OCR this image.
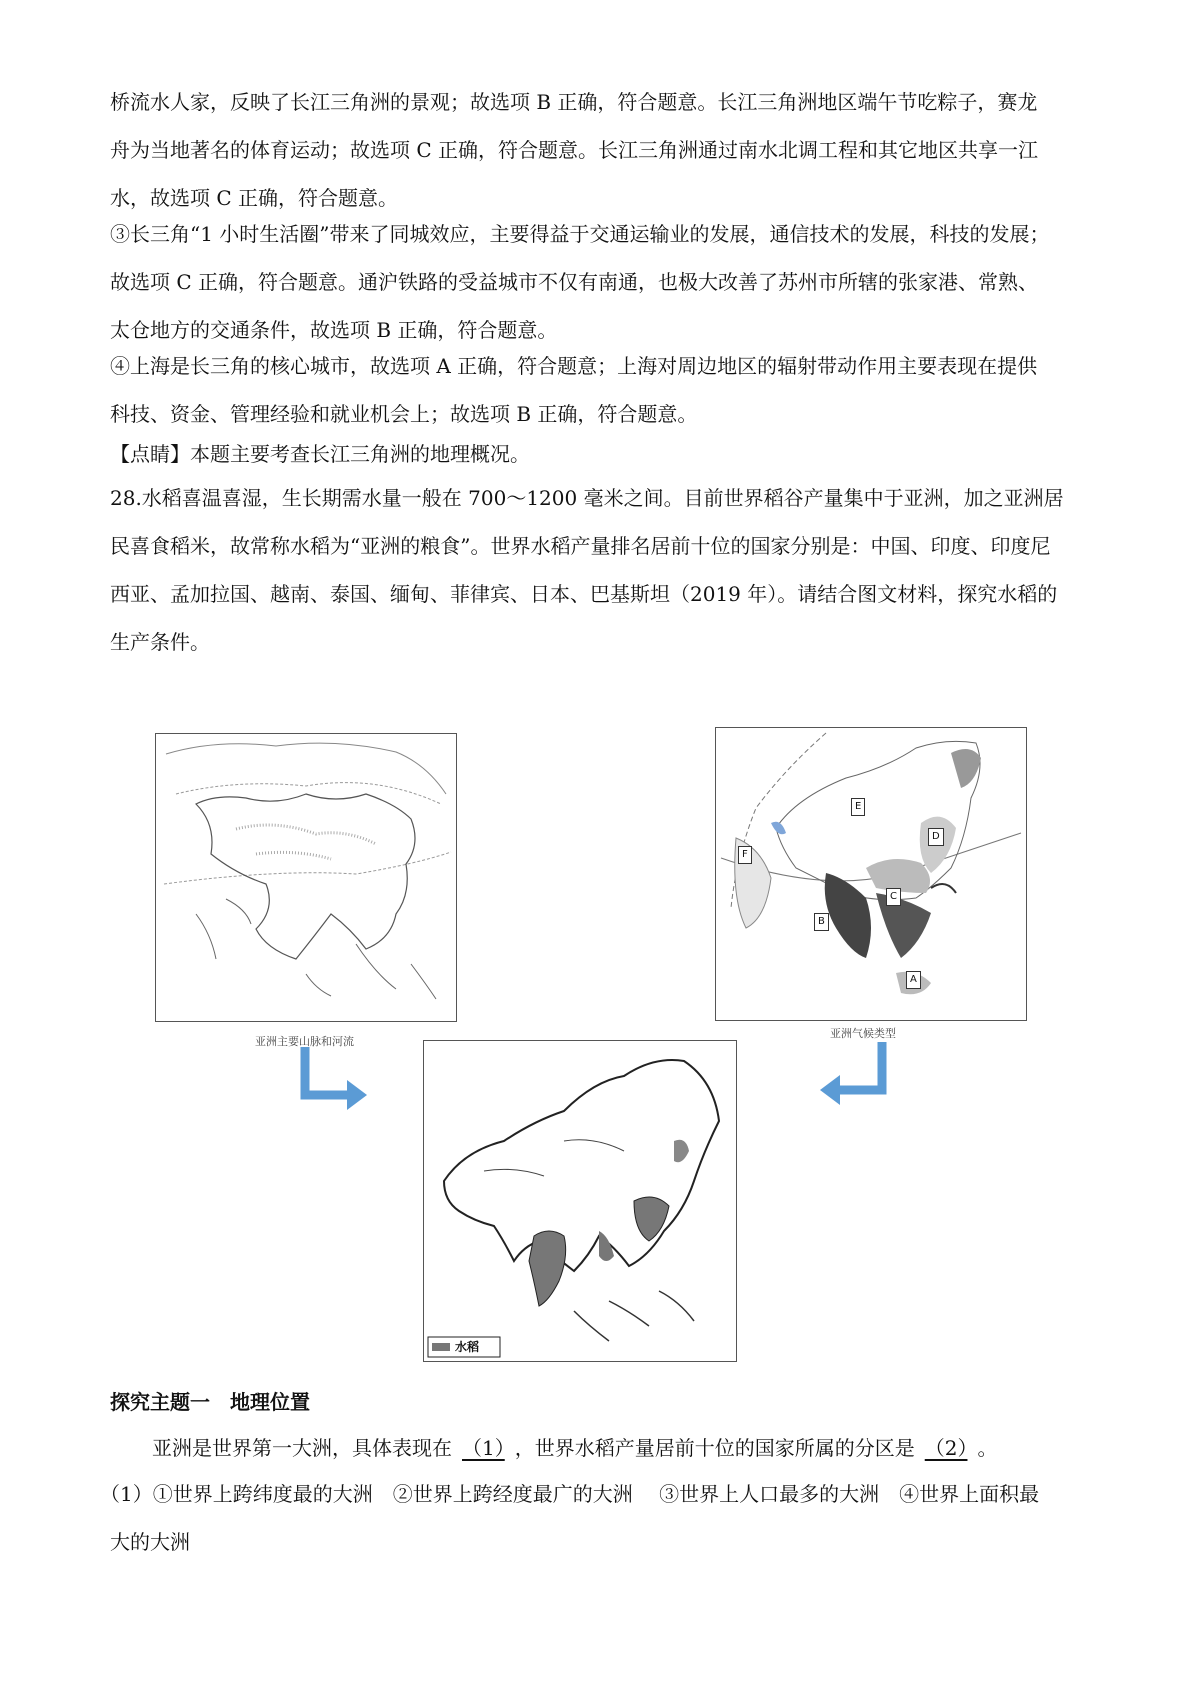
桥流水人家，反映了长江三角洲的景观；故选项 B 正确，符合题意。长江三角洲地区端午节吃粽子，赛龙
舟为当地著名的体育运动；故选项 C 正确，符合题意。长江三角洲通过南水北调工程和其它地区共享一江
水，故选项 C 正确，符合题意。
③长三角“1 小时生活圈”带来了同城效应，主要得益于交通运输业的发展，通信技术的发展，科技的发展；
故选项 C 正确，符合题意。通沪铁路的受益城市不仅有南通，也极大改善了苏州市所辖的张家港、常熟、
太仓地方的交通条件，故选项 B 正确，符合题意。
④上海是长三角的核心城市，故选项 A 正确，符合题意；上海对周边地区的辐射带动作用主要表现在提供
科技、资金、管理经验和就业机会上；故选项 B 正确，符合题意。
【点睛】本题主要考查长江三角洲的地理概况。
28.水稻喜温喜湿，生长期需水量一般在 700～1200 毫米之间。目前世界稻谷产量集中于亚洲，加之亚洲居
民喜食稻米，故常称水稻为“亚洲的粮食”。世界水稻产量排名居前十位的国家分别是：中国、印度、印度尼
西亚、孟加拉国、越南、泰国、缅甸、菲律宾、日本、巴基斯坦（2019 年）。请结合图文材料，探究水稻的
生产条件。
亚洲主要山脉和河流
A
B
C
D
E
F
亚洲气候类型
水稻
探究主题一　地理位置
亚洲是世界第一大洲，具体表现在 （1） ，世界水稻产量居前十位的国家所属的分区是 （2） 。
（1）①世界上跨纬度最的大洲　②世界上跨经度最广的大洲　 ③世界上人口最多的大洲　④世界上面积最
大的大洲
